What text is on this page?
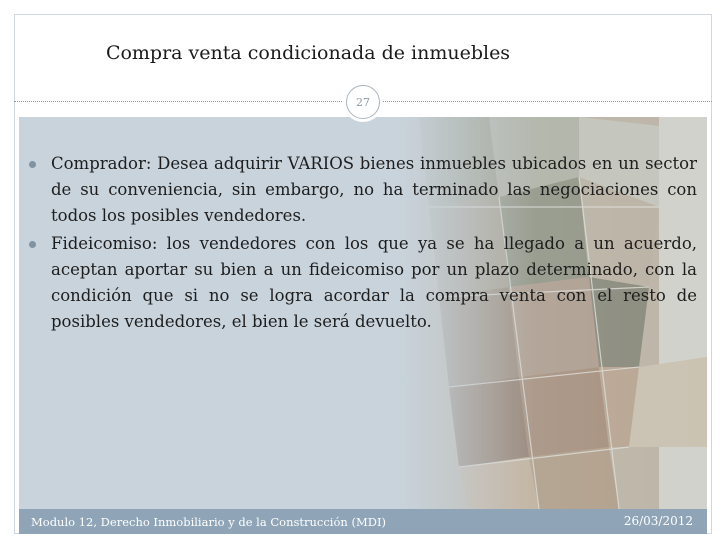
Compra venta condicionada de inmuebles
Comprador: Desea adquirir VARIOS bienes inmuebles ubicados en un sector de su conveniencia, sin embargo, no ha terminado las negociaciones con todos los posibles vendedores.
Fideicomiso: los vendedores con los que ya se ha llegado a un acuerdo, aceptan aportar su bien a un fideicomiso por un plazo determinado, con la condición que si no se logra acordar la compra venta con el resto de posibles vendedores, el bien le será devuelto.
27
Modulo 12, Derecho Inmobiliario y de la Construcción (MDI)	26/03/2012
